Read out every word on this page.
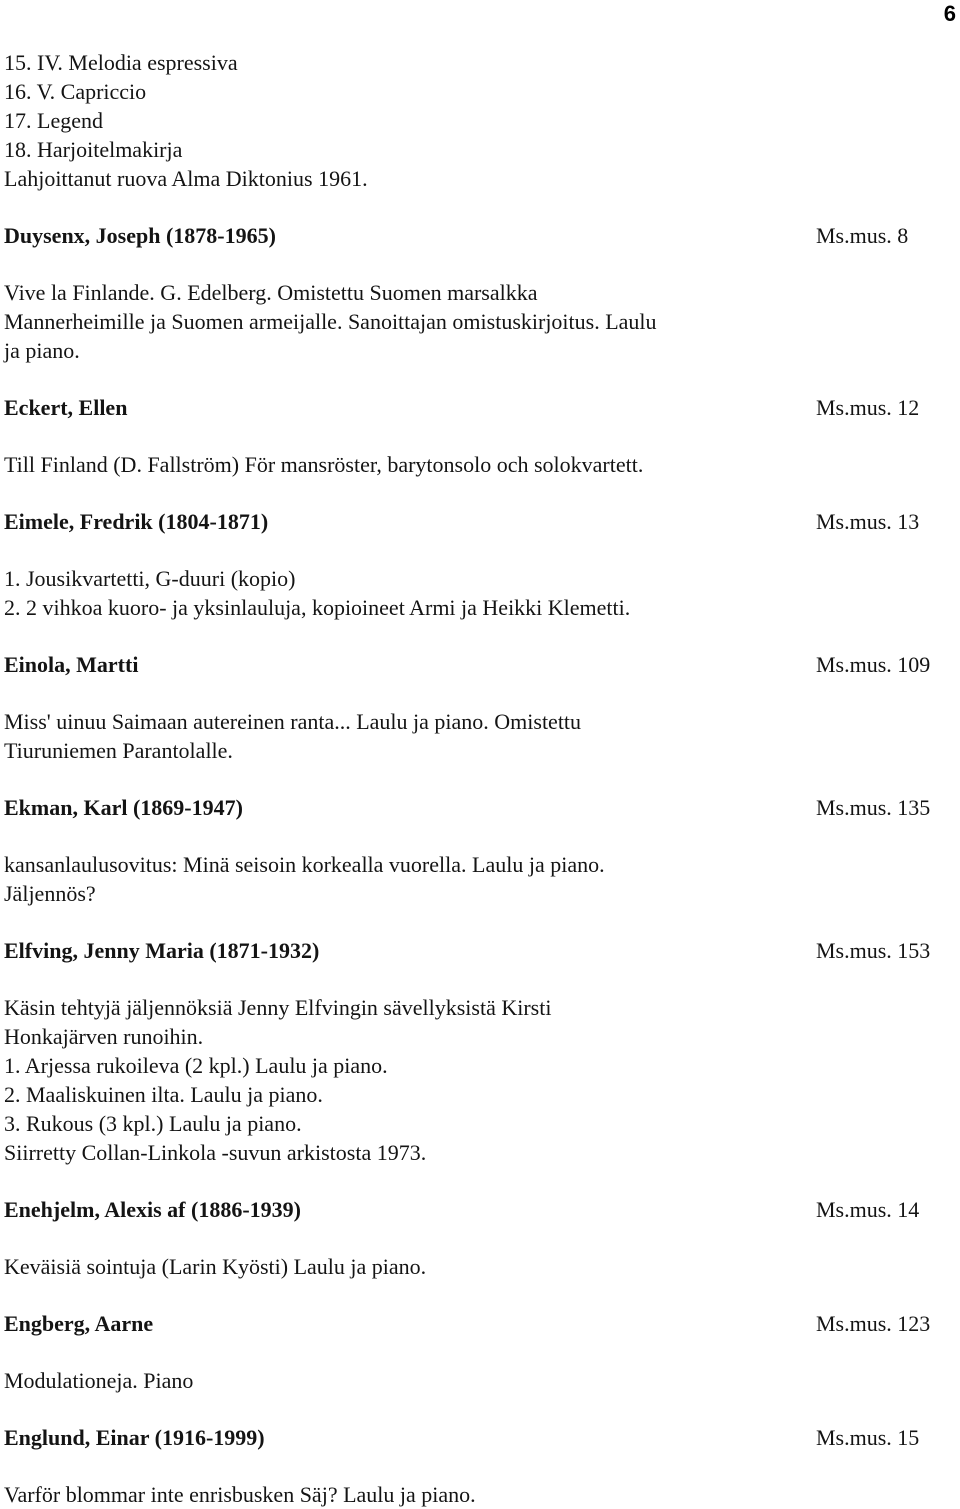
6
15. IV. Melodia espressiva
16. V. Capriccio
17. Legend
18. Harjoitelmakirja
Lahjoittanut ruova Alma Diktonius 1961.
Duysenx, Joseph (1878-1965)	Ms.mus. 8
Vive la Finlande. G. Edelberg. Omistettu Suomen marsalkka
Mannerheimille ja Suomen armeijalle. Sanoittajan omistuskirjoitus. Laulu
ja piano.
Eckert, Ellen	Ms.mus. 12
Till Finland (D. Fallström) För mansröster, barytonsolo och solokvartett.
Eimele, Fredrik (1804-1871)	Ms.mus. 13
1. Jousikvartetti, G-duuri (kopio)
2. 2 vihkoa kuoro- ja yksinlauluja, kopioineet Armi ja Heikki Klemetti.
Einola, Martti	Ms.mus. 109
Miss' uinuu Saimaan autereinen ranta... Laulu ja piano. Omistettu
Tiuruniemen Parantolalle.
Ekman, Karl (1869-1947)	Ms.mus. 135
kansanlaulusovitus: Minä seisoin korkealla vuorella. Laulu ja piano.
Jäljennös?
Elfving, Jenny Maria (1871-1932)	Ms.mus. 153
Käsin tehtyjä jäljennöksiä Jenny Elfvingin sävellyksistä Kirsti
Honkajärven runoihin.
1. Arjessa rukoileva (2 kpl.) Laulu ja piano.
2. Maaliskuinen ilta. Laulu ja piano.
3. Rukous (3 kpl.) Laulu ja piano.
Siirretty Collan-Linkola -suvun arkistosta 1973.
Enehjelm, Alexis af (1886-1939)	Ms.mus. 14
Keväisiä sointuja (Larin Kyösti) Laulu ja piano.
Engberg, Aarne	Ms.mus. 123
Modulationeja. Piano
Englund, Einar (1916-1999)	Ms.mus. 15
Varför blommar inte enrisbusken Säj? Laulu ja piano.
